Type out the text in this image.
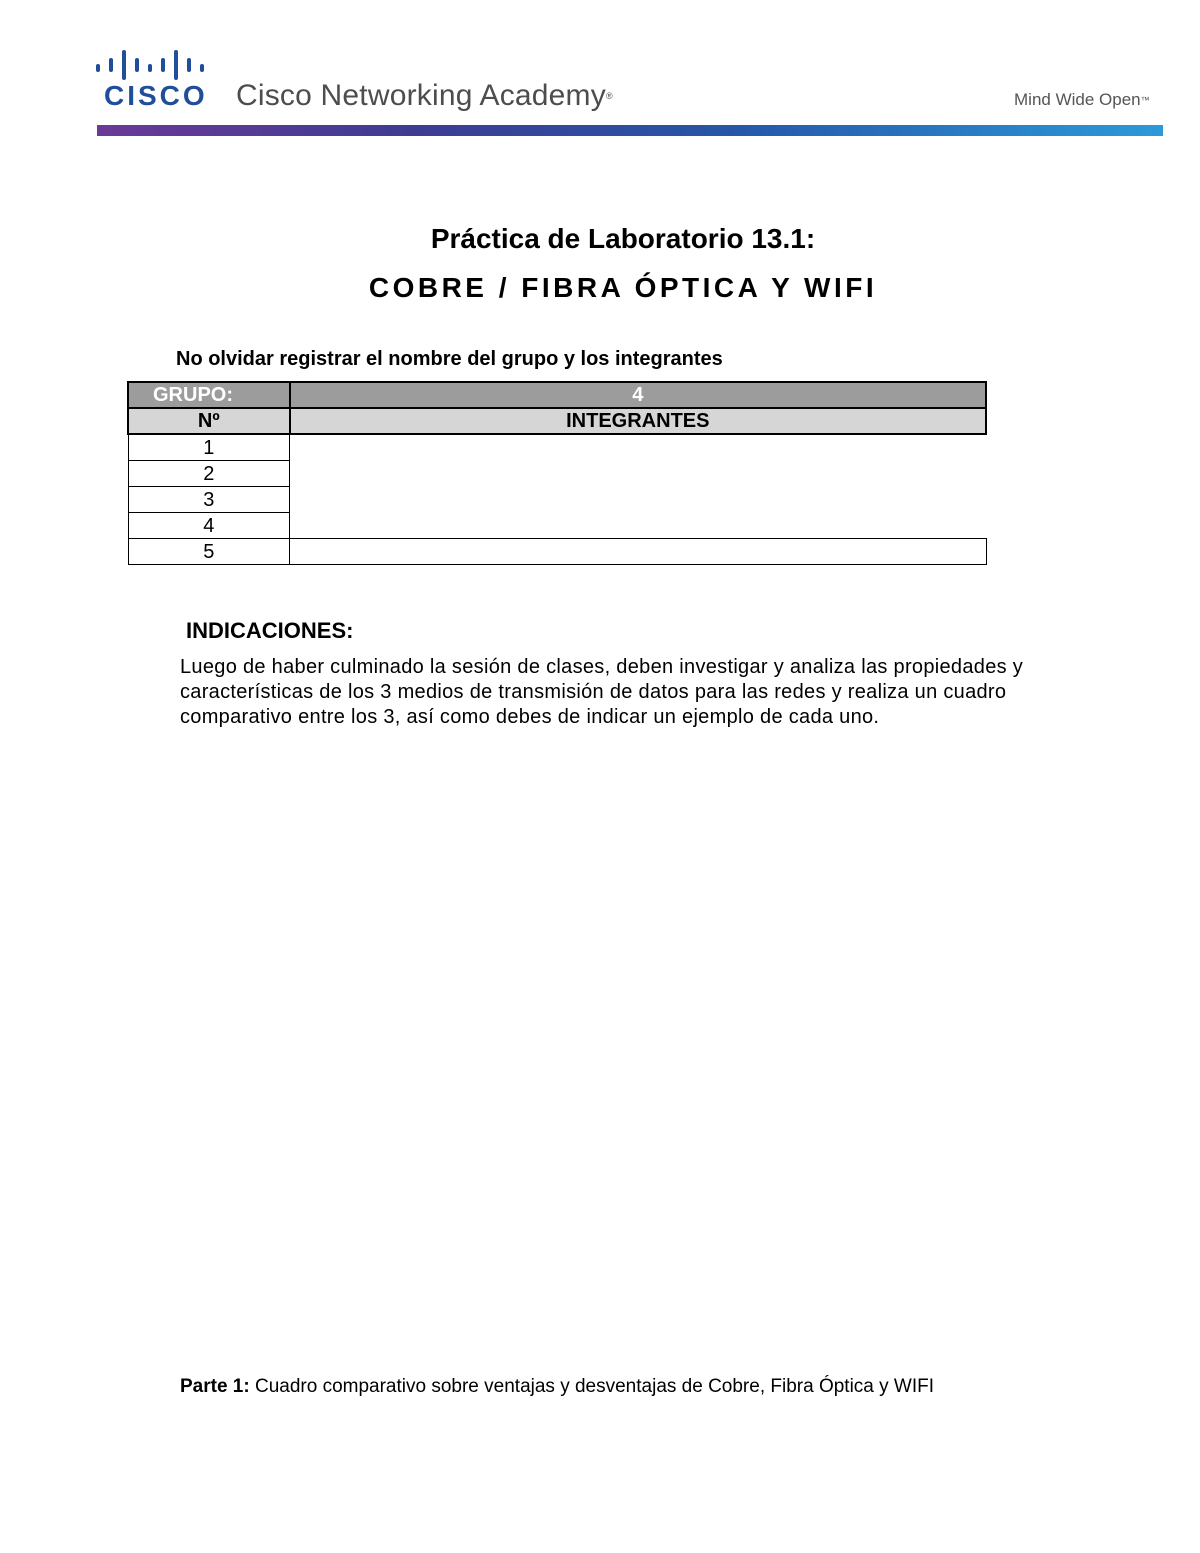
CISCO Cisco Networking Academy®	Mind Wide Open™
Práctica de Laboratorio 13.1:
COBRE / FIBRA ÓPTICA Y WIFI
No olvidar registrar el nombre del grupo y los integrantes
GRUPO:	4
Nº	INTEGRANTES
1	
2	
3	
4	
5	
INDICACIONES:
Luego de haber culminado la sesión de clases, deben investigar y analiza las propiedades y características de los 3 medios de transmisión de datos para las redes y realiza un cuadro comparativo entre los 3, así como debes de indicar un ejemplo de cada uno.
Parte 1: Cuadro comparativo sobre ventajas y desventajas de Cobre, Fibra Óptica y WIFI
